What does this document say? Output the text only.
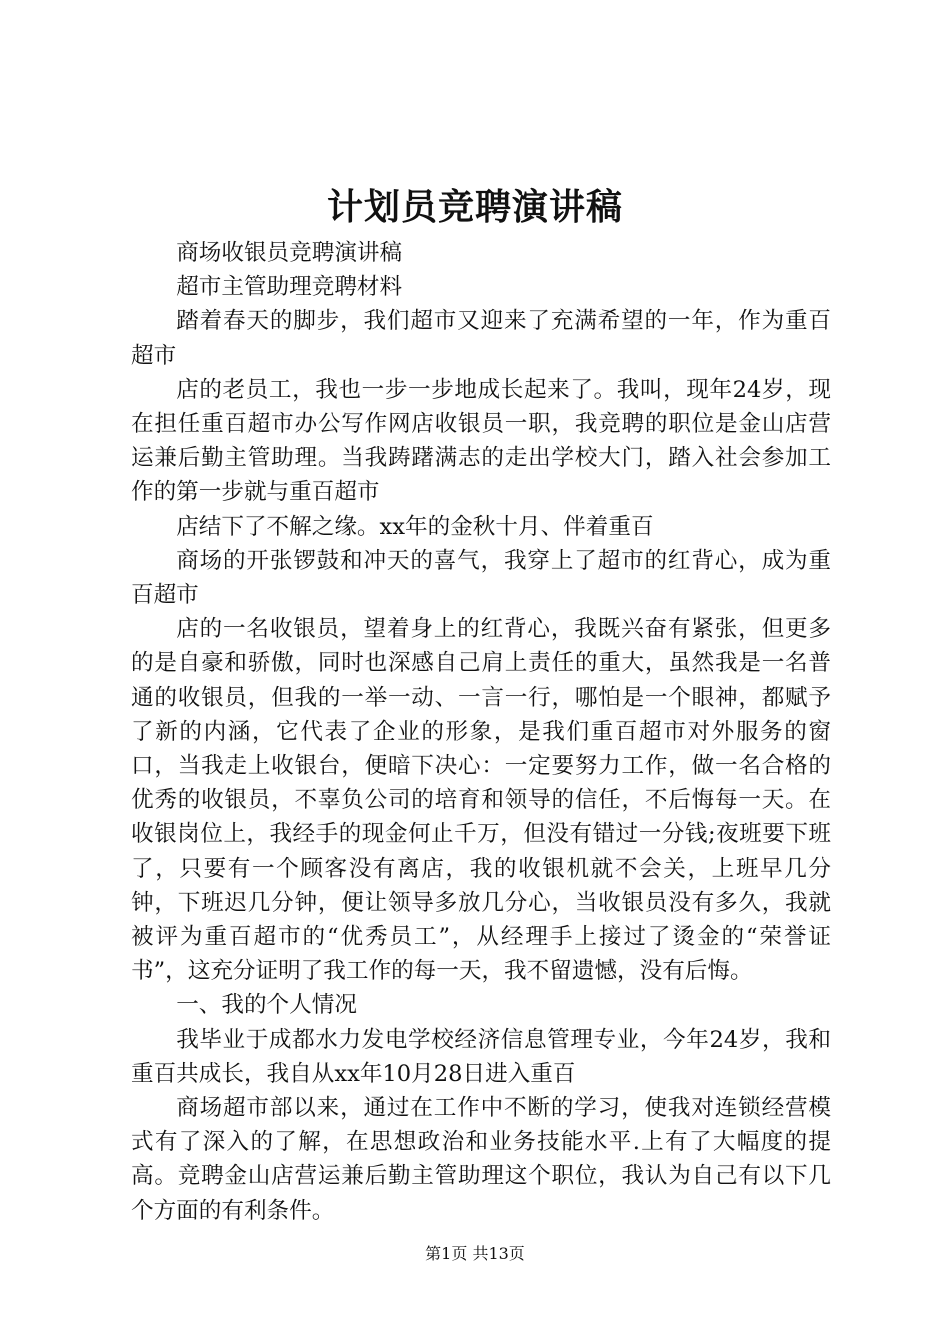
计划员竞聘演讲稿

商场收银员竞聘演讲稿

超市主管助理竞聘材料

踏着春天的脚步，我们超市又迎来了充满希望的一年，作为重百超市

店的老员工，我也一步一步地成长起来了。我叫，现年24岁，现在担任重百超市办公写作网店收银员一职，我竞聘的职位是金山店营运兼后勤主管助理。当我踌躇满志的走出学校大门，踏入社会参加工作的第一步就与重百超市

店结下了不解之缘。xx年的金秋十月、伴着重百

商场的开张锣鼓和冲天的喜气，我穿上了超市的红背心，成为重百超市

店的一名收银员，望着身上的红背心，我既兴奋有紧张，但更多的是自豪和骄傲，同时也深感自己肩上责任的重大，虽然我是一名普通的收银员，但我的一举一动、一言一行，哪怕是一个眼神，都赋予了新的内涵，它代表了企业的形象，是我们重百超市对外服务的窗口，当我走上收银台，便暗下决心：一定要努力工作，做一名合格的优秀的收银员，不辜负公司的培育和领导的信任，不后悔每一天。在收银岗位上，我经手的现金何止千万，但没有错过一分钱;夜班要下班了，只要有一个顾客没有离店，我的收银机就不会关，上班早几分钟，下班迟几分钟，便让领导多放几分心，当收银员没有多久，我就被评为重百超市的“优秀员工”，从经理手上接过了烫金的“荣誉证书”，这充分证明了我工作的每一天，我不留遗憾，没有后悔。

一、我的个人情况

我毕业于成都水力发电学校经济信息管理专业，今年24岁，我和重百共成长，我自从xx年10月28日进入重百

商场超市部以来，通过在工作中不断的学习，使我对连锁经营模式有了深入的了解，在思想政治和业务技能水平.上有了大幅度的提高。竞聘金山店营运兼后勤主管助理这个职位，我认为自己有以下几个方面的有利条件。

第1页 共13页
